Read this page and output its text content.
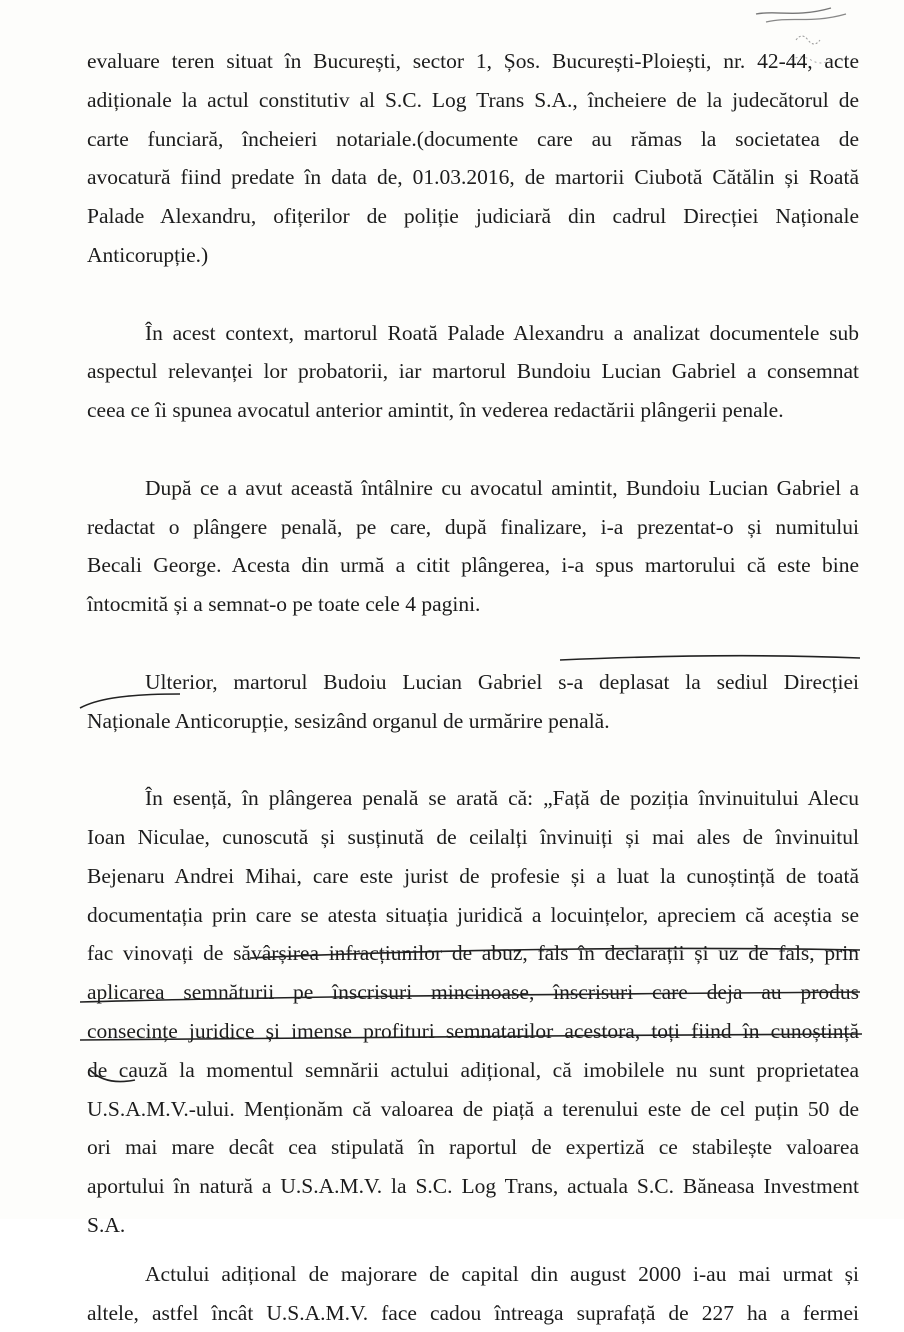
evaluare teren situat în București, sector 1, Șos. București-Ploiești, nr. 42-44, acte
adiționale la actul constitutiv al S.C. Log Trans S.A., încheiere de la judecătorul de
carte funciară, încheieri notariale.(documente care au rămas la societatea de
avocatură fiind predate în data de, 01.03.2016, de martorii Ciubotă Cătălin și Roată
Palade Alexandru, ofițerilor de poliție judiciară din cadrul Direcției Naționale
Anticorupție.)
În acest context, martorul Roată Palade Alexandru a analizat documentele sub
aspectul relevanței lor probatorii, iar martorul Bundoiu Lucian Gabriel a consemnat
ceea ce îi spunea avocatul anterior amintit, în vederea redactării plângerii penale.
După ce a avut această întâlnire cu avocatul amintit, Bundoiu Lucian Gabriel a
redactat o plângere penală, pe care, după finalizare, i-a prezentat-o și numitului
Becali George. Acesta din urmă a citit plângerea, i-a spus martorului că este bine
întocmită și a semnat-o pe toate cele 4 pagini.
Ulterior, martorul Budoiu Lucian Gabriel s-a deplasat la sediul Direcției
Naționale Anticorupție, sesizând organul de urmărire penală.
În esență, în plângerea penală se arată că: „Față de poziția învinuitului Alecu
Ioan Niculae, cunoscută și susținută de ceilalți învinuiți și mai ales de învinuitul
Bejenaru Andrei Mihai, care este jurist de profesie și a luat la cunoștință de toată
documentația prin care se atesta situația juridică a locuințelor, apreciem că aceștia se
fac vinovați de săvârșirea infracțiunilor de abuz, fals în declarații și uz de fals, prin
aplicarea semnăturii pe înscrisuri mincinoase, înscrisuri care deja au produs
consecințe juridice și imense profituri semnatarilor acestora, toți fiind în cunoștință
de cauză la momentul semnării actului adițional, că imobilele nu sunt proprietatea
U.S.A.M.V.-ului. Menționăm că valoarea de piață a terenului este de cel puțin 50 de
ori mai mare decât cea stipulată în raportul de expertiză ce stabilește valoarea
aportului în natură a U.S.A.M.V. la S.C. Log Trans, actuala S.C. Băneasa Investment
S.A.
Actului adițional de majorare de capital din august 2000 i-au mai urmat și
altele, astfel încât U.S.A.M.V. face cadou întreaga suprafață de 227 ha a fermei
